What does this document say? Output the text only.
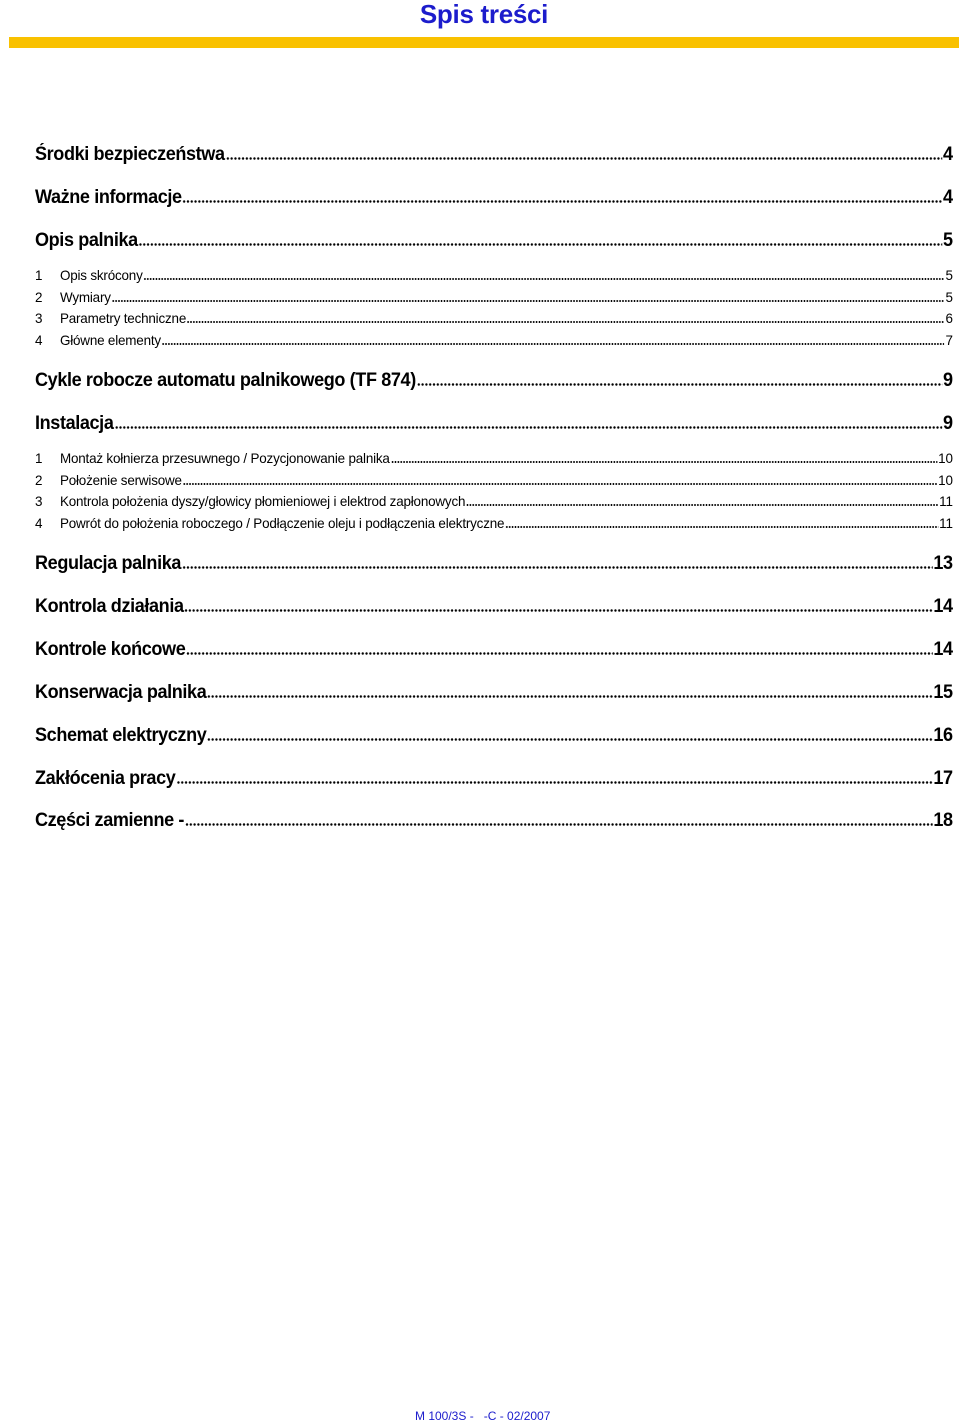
Spis treści
Środki bezpieczeństwa	4
Ważne informacje	4
Opis palnika	5
1	Opis skrócony	5
2	Wymiary	5
3	Parametry techniczne	6
4	Główne elementy	7
Cykle robocze automatu palnikowego (TF 874)	9
Instalacja	9
1	Montaż kołnierza przesuwnego / Pozycjonowanie palnika	10
2	Położenie serwisowe	10
3	Kontrola położenia dyszy/głowicy płomieniowej i elektrod zapłonowych	11
4	Powrót do położenia roboczego / Podłączenie oleju i podłączenia elektryczne	11
Regulacja palnika	13
Kontrola działania	14
Kontrole końcowe	14
Konserwacja palnika	15
Schemat elektryczny	16
Zakłócenia pracy	17
Części zamienne -	18
M 100/3S -   -C - 02/2007
